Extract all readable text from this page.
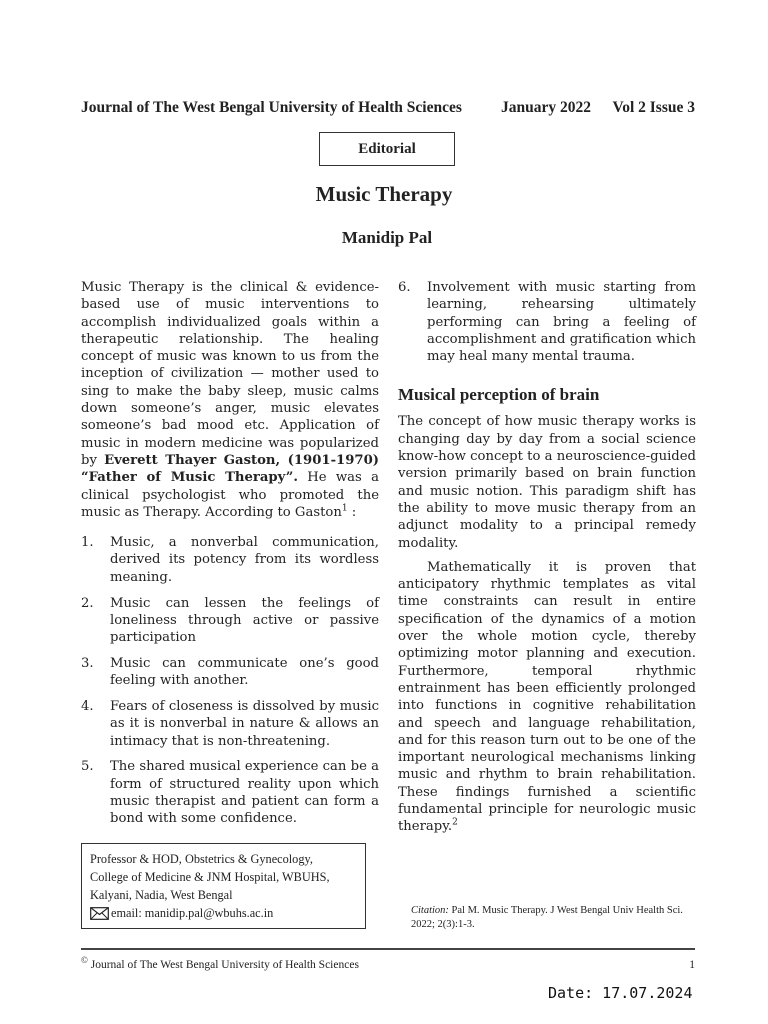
Journal of The West Bengal University of Health Sciences	January 2022 Vol 2 Issue 3
Editorial
Music Therapy
Manidip Pal

Music Therapy is the clinical & evidence-based use of music interventions to accomplish individualized goals within a therapeutic relationship. The healing concept of music was known to us from the inception of civilization — mother used to sing to make the baby sleep, music calms down someone’s anger, music elevates someone’s bad mood etc. Application of music in modern medicine was popularized by Everett Thayer Gaston, (1901-1970) “Father of Music Therapy”. He was a clinical psychologist who promoted the music as Therapy. According to Gaston$^1$ :

1. Music, a nonverbal communication, derived its potency from its wordless meaning.
2. Music can lessen the feelings of loneliness through active or passive participation
3. Music can communicate one’s good feeling with another.
4. Fears of closeness is dissolved by music as it is nonverbal in nature & allows an intimacy that is non-threatening.
5. The shared musical experience can be a form of structured reality upon which music therapist and patient can form a bond with some confidence.
6. Involvement with music starting from learning, rehearsing ultimately performing can bring a feeling of accomplishment and gratification which may heal many mental trauma.
Musical perception of brain

The concept of how music therapy works is changing day by day from a social science know-how concept to a neuroscience-guided version primarily based on brain function and music notion. This paradigm shift has the ability to move music therapy from an adjunct modality to a principal remedy modality.

Mathematically it is proven that anticipatory rhythmic templates as vital time constraints can result in entire specification of the dynamics of a motion over the whole motion cycle, thereby optimizing motor planning and execution. Furthermore, temporal rhythmic entrainment has been efficiently prolonged into functions in cognitive rehabilitation and speech and language rehabilitation, and for this reason turn out to be one of the important neurological mechanisms linking music and rhythm to brain rehabilitation. These findings furnished a scientific fundamental principle for neurologic music therapy.$^2$

Professor & HOD, Obstetrics & Gynecology,
College of Medicine & JNM Hospital, WBUHS,
Kalyani, Nadia, West Bengal
email: manidip.pal@wbuhs.ac.in	Citation: Pal M. Music Therapy. J West Bengal Univ Health Sci. 2022; 2(3):1-3.
© Journal of The West Bengal University of Health Sciences	1
Date: 17.07.2024
